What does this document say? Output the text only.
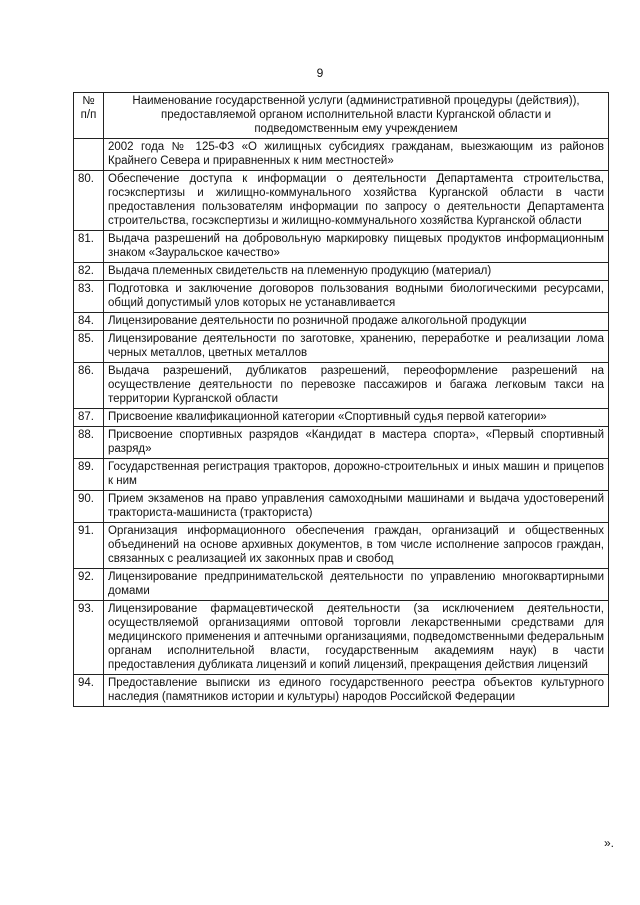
9
№ п/п	Наименование государственной услуги (административной процедуры (действия)), предоставляемой органом исполнительной власти Курганской области и подведомственным ему учреждением
	2002 года № 125-ФЗ «О жилищных субсидиях гражданам, выезжающим из районов Крайнего Севера и приравненных к ним местностей»
80.	Обеспечение доступа к информации о деятельности Департамента строительства, госэкспертизы и жилищно-коммунального хозяйства Курганской области в части предоставления пользователям информации по запросу о деятельности Департамента строительства, госэкспертизы и жилищно-коммунального хозяйства Курганской области
81.	Выдача разрешений на добровольную маркировку пищевых продуктов информационным знаком «Зауральское качество»
82.	Выдача племенных свидетельств на племенную продукцию (материал)
83.	Подготовка и заключение договоров пользования водными биологическими ресурсами, общий допустимый улов которых не устанавливается
84.	Лицензирование деятельности по розничной продаже алкогольной продукции
85.	Лицензирование деятельности по заготовке, хранению, переработке и реализации лома черных металлов, цветных металлов
86.	Выдача разрешений, дубликатов разрешений, переоформление разрешений на осуществление деятельности по перевозке пассажиров и багажа легковым такси на территории Курганской области
87.	Присвоение квалификационной категории «Спортивный судья первой категории»
88.	Присвоение спортивных разрядов «Кандидат в мастера спорта», «Первый спортивный разряд»
89.	Государственная регистрация тракторов, дорожно-строительных и иных машин и прицепов к ним
90.	Прием экзаменов на право управления самоходными машинами и выдача удостоверений тракториста-машиниста (тракториста)
91.	Организация информационного обеспечения граждан, организаций и общественных объединений на основе архивных документов, в том числе исполнение запросов граждан, связанных с реализацией их законных прав и свобод
92.	Лицензирование предпринимательской деятельности по управлению многоквартирными домами
93.	Лицензирование фармацевтической деятельности (за исключением деятельности, осуществляемой организациями оптовой торговли лекарственными средствами для медицинского применения и аптечными организациями, подведомственными федеральным органам исполнительной власти, государственным академиям наук) в части предоставления дубликата лицензий и копий лицензий, прекращения действия лицензий
94.	Предоставление выписки из единого государственного реестра объектов культурного наследия (памятников истории и культуры) народов Российской Федерации
».
